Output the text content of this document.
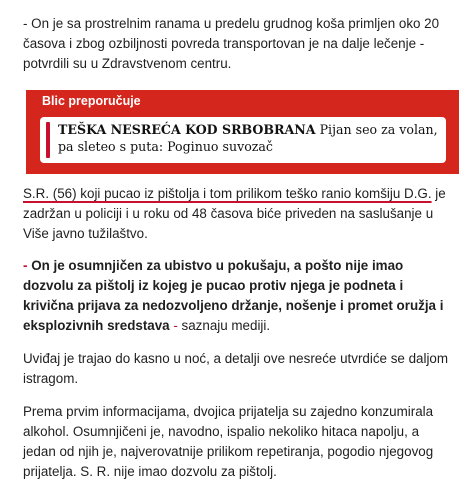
- On je sa prostrelnim ranama u predelu grudnog koša primljen oko 20 časova i zbog ozbiljnosti povreda transportovan je na dalje lečenje - potvrdili su u Zdravstvenom centru.

Blic preporučuje
TEŠKA NESREĆA KOD SRBOBRANA Pijan seo za volan, pa sleteo s puta: Poginuo suvozač

S.R. (56) koji pucao iz pištolja i tom prilikom teško ranio komšiju D.G. je zadržan u policiji i u roku od 48 časova biće priveden na saslušanje u Više javno tužilaštvo.

- On je osumnjičen za ubistvo u pokušaju, a pošto nije imao dozvolu za pištolj iz kojeg je pucao protiv njega je podneta i krivična prijava za nedozvoljeno držanje, nošenje i promet oružja i eksplozivnih sredstava - saznaju mediji.

Uviđaj je trajao do kasno u noć, a detalji ove nesreće utvrdiće se daljom istragom.

Prema prvim informacijama, dvojica prijatelja su zajedno konzumirala alkohol. Osumnjičeni je, navodno, ispalio nekoliko hitaca napolju, a jedan od njih je, najverovatnije prilikom repetiranja, pogodio njegovog prijatelja. S. R. nije imao dozvolu za pištolj.
